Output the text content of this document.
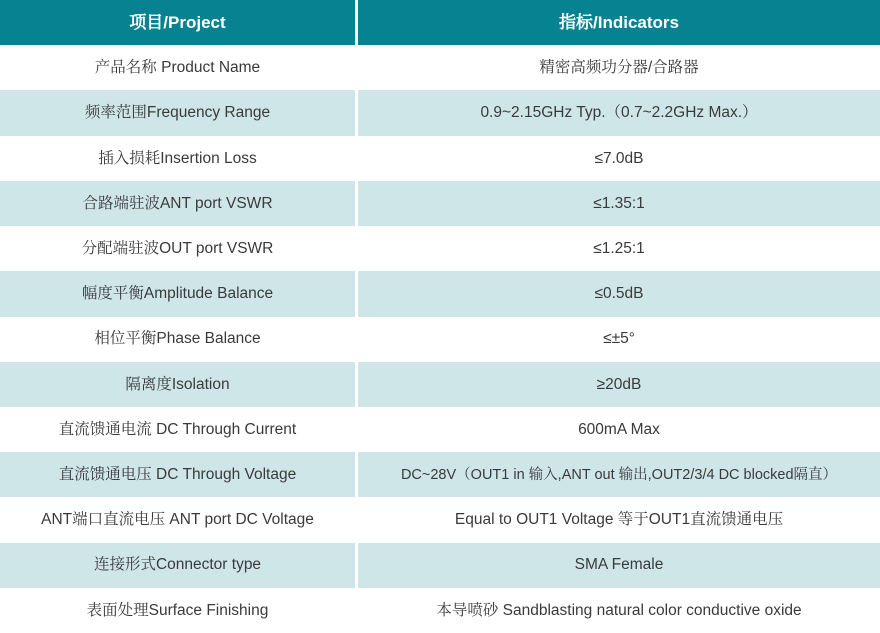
项目/Project	指标/Indicators
产品名称 Product Name	精密高频功分器/合路器
频率范围Frequency Range	0.9~2.15GHz Typ.（0.7~2.2GHz Max.）
插入损耗Insertion Loss	≤7.0dB
合路端驻波ANT port VSWR	≤1.35:1
分配端驻波OUT port VSWR	≤1.25:1
幅度平衡Amplitude Balance	≤0.5dB
相位平衡Phase Balance	≤±5°
隔离度Isolation	≥20dB
直流馈通电流 DC Through Current	600mA Max
直流馈通电压 DC Through Voltage	DC~28V（OUT1 in 输入,ANT out 输出,OUT2/3/4 DC blocked隔直）
ANT端口直流电压 ANT port DC Voltage	Equal to OUT1 Voltage 等于OUT1直流馈通电压
连接形式Connector type	SMA Female
表面处理Surface Finishing	本导喷砂 Sandblasting natural color conductive oxide
